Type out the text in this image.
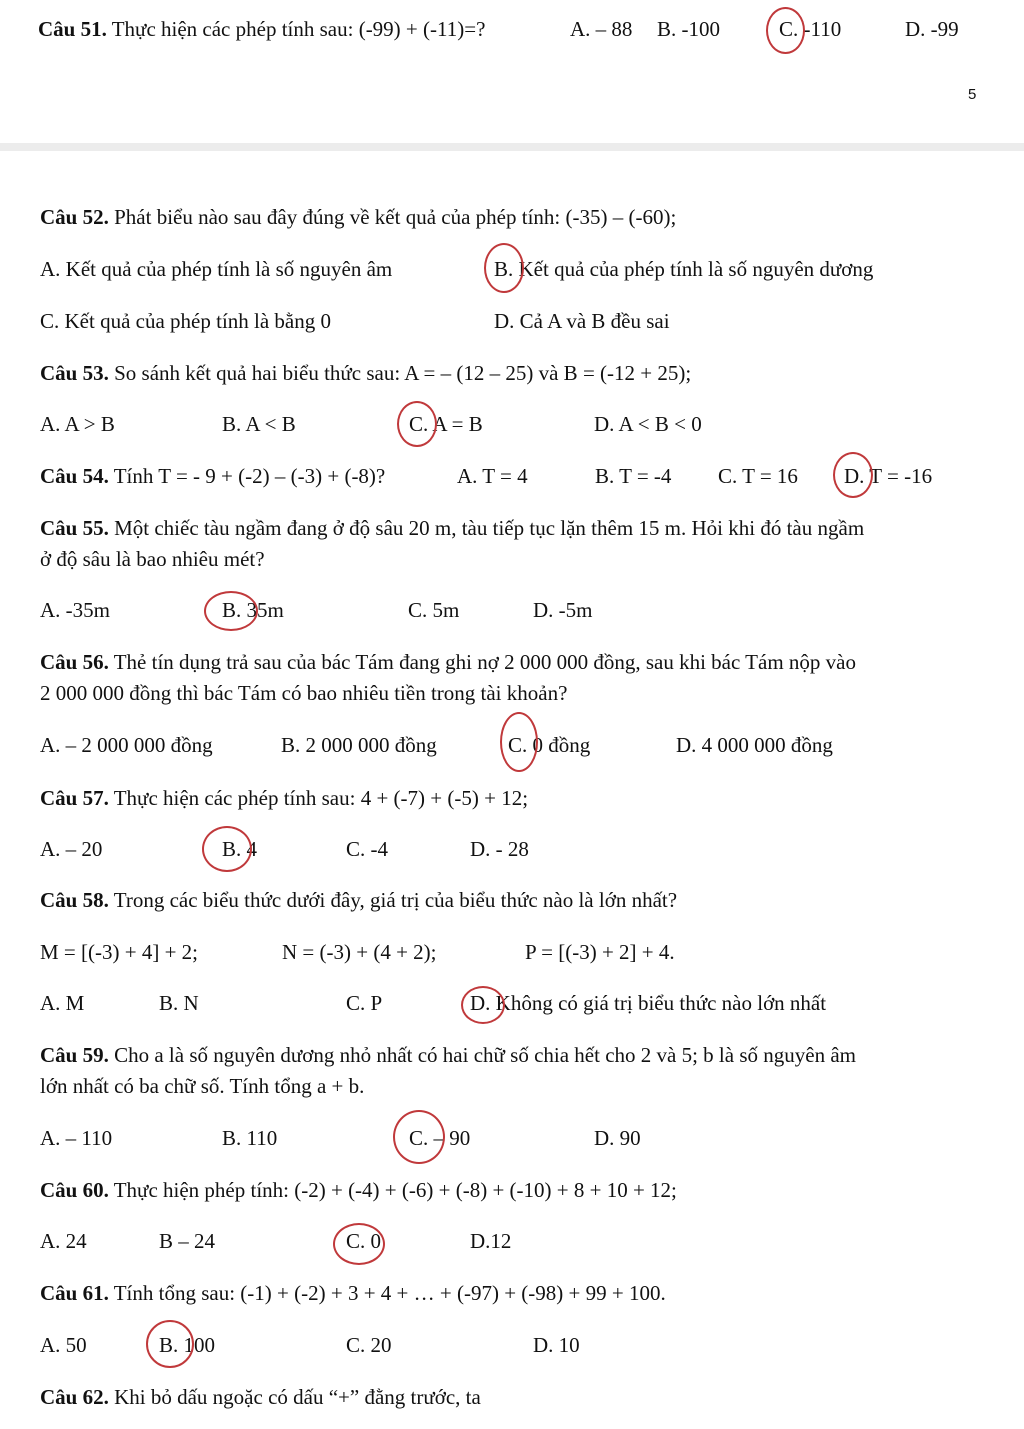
Câu 51. Thực hiện các phép tính sau: (-99) + (-11)=?	A. – 88 B. -100	C. -110	D. -99
5
Câu 52. Phát biểu nào sau đây đúng về kết quả của phép tính: (-35) – (-60);
A. Kết quả của phép tính là số nguyên âm	B. Kết quả của phép tính là số nguyên dương
C. Kết quả của phép tính là bằng 0	D. Cả A và B đều sai
Câu 53. So sánh kết quả hai biểu thức sau: A = – (12 – 25) và B = (-12 + 25);
A. A > B	B. A < B	C. A = B	D. A < B < 0
Câu 54. Tính T = - 9 + (-2) – (-3) + (-8)?	A. T = 4	B. T = -4 C. T = 16 D. T = -16
Câu 55. Một chiếc tàu ngầm đang ở độ sâu 20 m, tàu tiếp tục lặn thêm 15 m. Hỏi khi đó tàu ngầm
ở độ sâu là bao nhiêu mét?
A. -35m	B. 35m	C. 5m	D. -5m
Câu 56. Thẻ tín dụng trả sau của bác Tám đang ghi nợ 2 000 000 đồng, sau khi bác Tám nộp vào
2 000 000 đồng thì bác Tám có bao nhiêu tiền trong tài khoản?
A. – 2 000 000 đồng	B. 2 000 000 đồng	C. 0 đồng	D. 4 000 000 đồng
Câu 57. Thực hiện các phép tính sau: 4 + (-7) + (-5) + 12;
A. – 20	B. 4	C. -4	D. - 28
Câu 58. Trong các biểu thức dưới đây, giá trị của biểu thức nào là lớn nhất?
M = [(-3) + 4] + 2;	N = (-3) + (4 + 2);	P = [(-3) + 2] + 4.
A. M	B. N	C. P	D. Không có giá trị biểu thức nào lớn nhất
Câu 59. Cho a là số nguyên dương nhỏ nhất có hai chữ số chia hết cho 2 và 5; b là số nguyên âm
lớn nhất có ba chữ số. Tính tổng a + b.
A. – 110	B. 110	C. – 90	D. 90
Câu 60. Thực hiện phép tính: (-2) + (-4) + (-6) + (-8) + (-10) + 8 + 10 + 12;
A. 24	B – 24	C. 0	D.12
Câu 61. Tính tổng sau: (-1) + (-2) + 3 + 4 + … + (-97) + (-98) + 99 + 100.
A. 50	B. 100	C. 20	D. 10
Câu 62. Khi bỏ dấu ngoặc có dấu “+” đằng trước, ta
